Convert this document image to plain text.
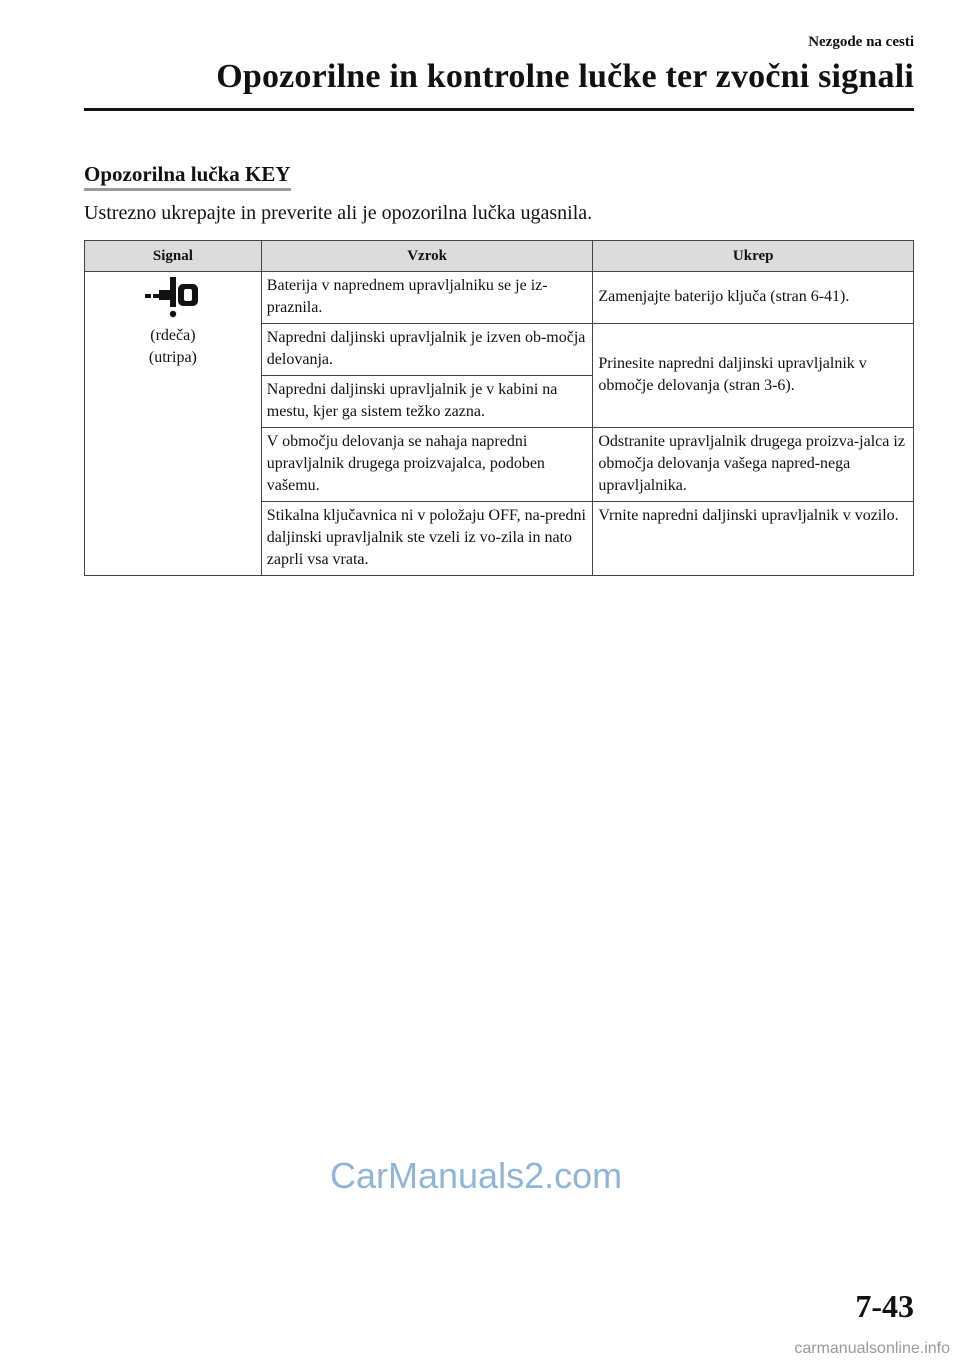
Nezgode na cesti
Opozorilne in kontrolne lučke ter zvočni signali
Opozorilna lučka KEY
Ustrezno ukrepajte in preverite ali je opozorilna lučka ugasnila.
Signal	Vzrok	Ukrep

(rdeča)
(utripa)	Baterija v naprednem upravljalniku se je iz-praznila.	Zamenjajte baterijo ključa (stran 6-41).
	Napredni daljinski upravljalnik je izven ob-močja delovanja.	Prinesite napredni daljinski upravljalnik v območje delovanja (stran 3-6).
	Napredni daljinski upravljalnik je v kabini na mestu, kjer ga sistem težko zazna.	
	V območju delovanja se nahaja napredni upravljalnik drugega proizvajalca, podoben vašemu.	Odstranite upravljalnik drugega proizva-jalca iz območja delovanja vašega napred-nega upravljalnika.
	Stikalna ključavnica ni v položaju OFF, na-predni daljinski upravljalnik ste vzeli iz vo-zila in nato zaprli vsa vrata.	Vrnite napredni daljinski upravljalnik v vozilo.
CarManuals2.com
7-43
carmanualsonline.info
